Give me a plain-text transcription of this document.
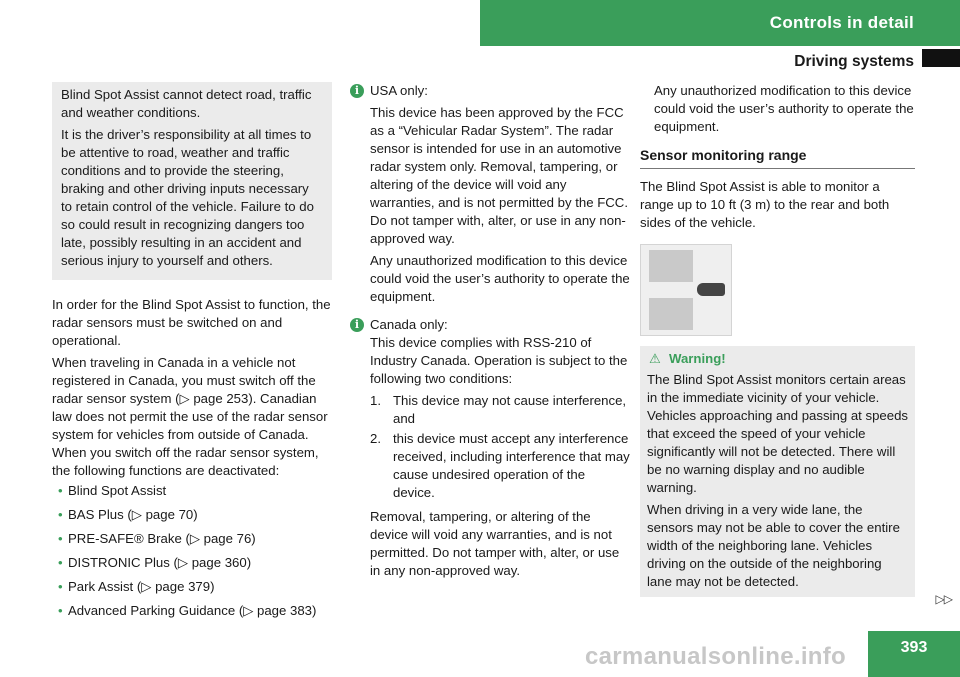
Controls in detail
Driving systems

Blind Spot Assist cannot detect road, traffic and weather conditions.

It is the driver’s responsibility at all times to be attentive to road, weather and traffic conditions and to provide the steering, braking and other driving inputs necessary to retain control of the vehicle. Failure to do so could result in recognizing dangers too late, possibly resulting in an accident and serious injury to yourself and others.

In order for the Blind Spot Assist to function, the radar sensors must be switched on and operational.

When traveling in Canada in a vehicle not registered in Canada, you must switch off the radar sensor system (▷ page 253). Canadian law does not permit the use of the radar sensor system for vehicles from outside of Canada. When you switch off the radar sensor system, the following functions are deactivated:

• Blind Spot Assist
• BAS Plus (▷ page 70)
• PRE-SAFE® Brake (▷ page 76)
• DISTRONIC Plus (▷ page 360)
• Park Assist (▷ page 379)
• Advanced Parking Guidance (▷ page 383)
i USA only:

This device has been approved by the FCC as a “Vehicular Radar System”. The radar sensor is intended for use in an automotive radar system only. Removal, tampering, or altering of the device will void any warranties, and is not permitted by the FCC. Do not tamper with, alter, or use in any non-approved way.

Any unauthorized modification to this device could void the user’s authority to operate the equipment.

i Canada only:

This device complies with RSS-210 of Industry Canada. Operation is subject to the following two conditions:

1. This device may not cause interference, and
2. this device must accept any interference received, including interference that may cause undesired operation of the device.

Removal, tampering, or altering of the device will void any warranties, and is not permitted. Do not tamper with, alter, or use in any non-approved way.

Any unauthorized modification to this device could void the user’s authority to operate the equipment.

Sensor monitoring range

The Blind Spot Assist is able to monitor a range up to 10 ft (3 m) to the rear and both sides of the vehicle.

⚠ Warning!

The Blind Spot Assist monitors certain areas in the immediate vicinity of your vehicle. Vehicles approaching and passing at speeds that exceed the speed of your vehicle significantly will not be detected. There will be no warning display and no audible warning.

When driving in a very wide lane, the sensors may not be able to cover the entire width of the neighboring lane. Vehicles driving on the outside of the neighboring lane may not be detected.

▷▷
carmanualsonline.info	393
